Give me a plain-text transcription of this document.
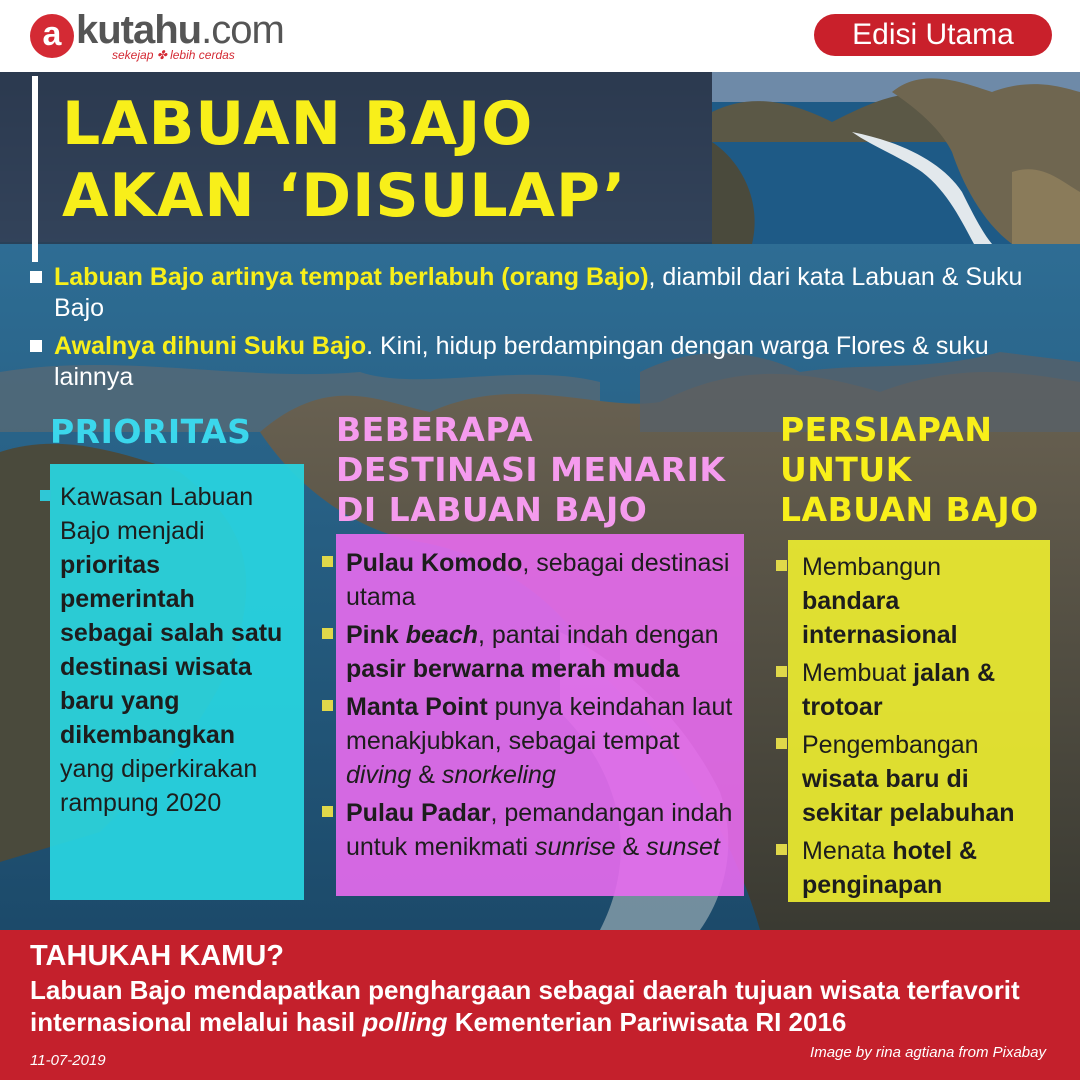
a kutahu.com
sekejap ✤ lebih cerdas
Edisi Utama
LABUAN BAJO
AKAN ‘DISULAP’
Labuan Bajo artinya tempat berlabuh (orang Bajo), diambil dari kata Labuan & Suku Bajo
Awalnya dihuni Suku Bajo. Kini, hidup berdampingan dengan warga Flores & suku lainnya
PRIORITAS	BEBERAPA
DESTINASI MENARIK
DI LABUAN BAJO
PERSIAPAN
UNTUK
LABUAN BAJO
Kawasan Labuan Bajo menjadi prioritas pemerintah sebagai salah satu destinasi wisata baru yang dikembangkan yang diperkirakan rampung 2020
Pulau Komodo, sebagai destinasi utama
Pink beach, pantai indah dengan pasir berwarna merah muda
Manta Point punya keindahan laut menakjubkan, sebagai tempat diving & snorkeling
Pulau Padar, pemandangan indah untuk menikmati sunrise & sunset
Membangun bandara internasional
Membuat jalan & trotoar
Pengembangan wisata baru di sekitar pelabuhan
Menata hotel & penginapan
TAHUKAH KAMU?
Labuan Bajo mendapatkan penghargaan sebagai daerah tujuan wisata terfavorit internasional melalui hasil polling Kementerian Pariwisata RI 2016
11-07-2019	Image by rina agtiana from Pixabay
